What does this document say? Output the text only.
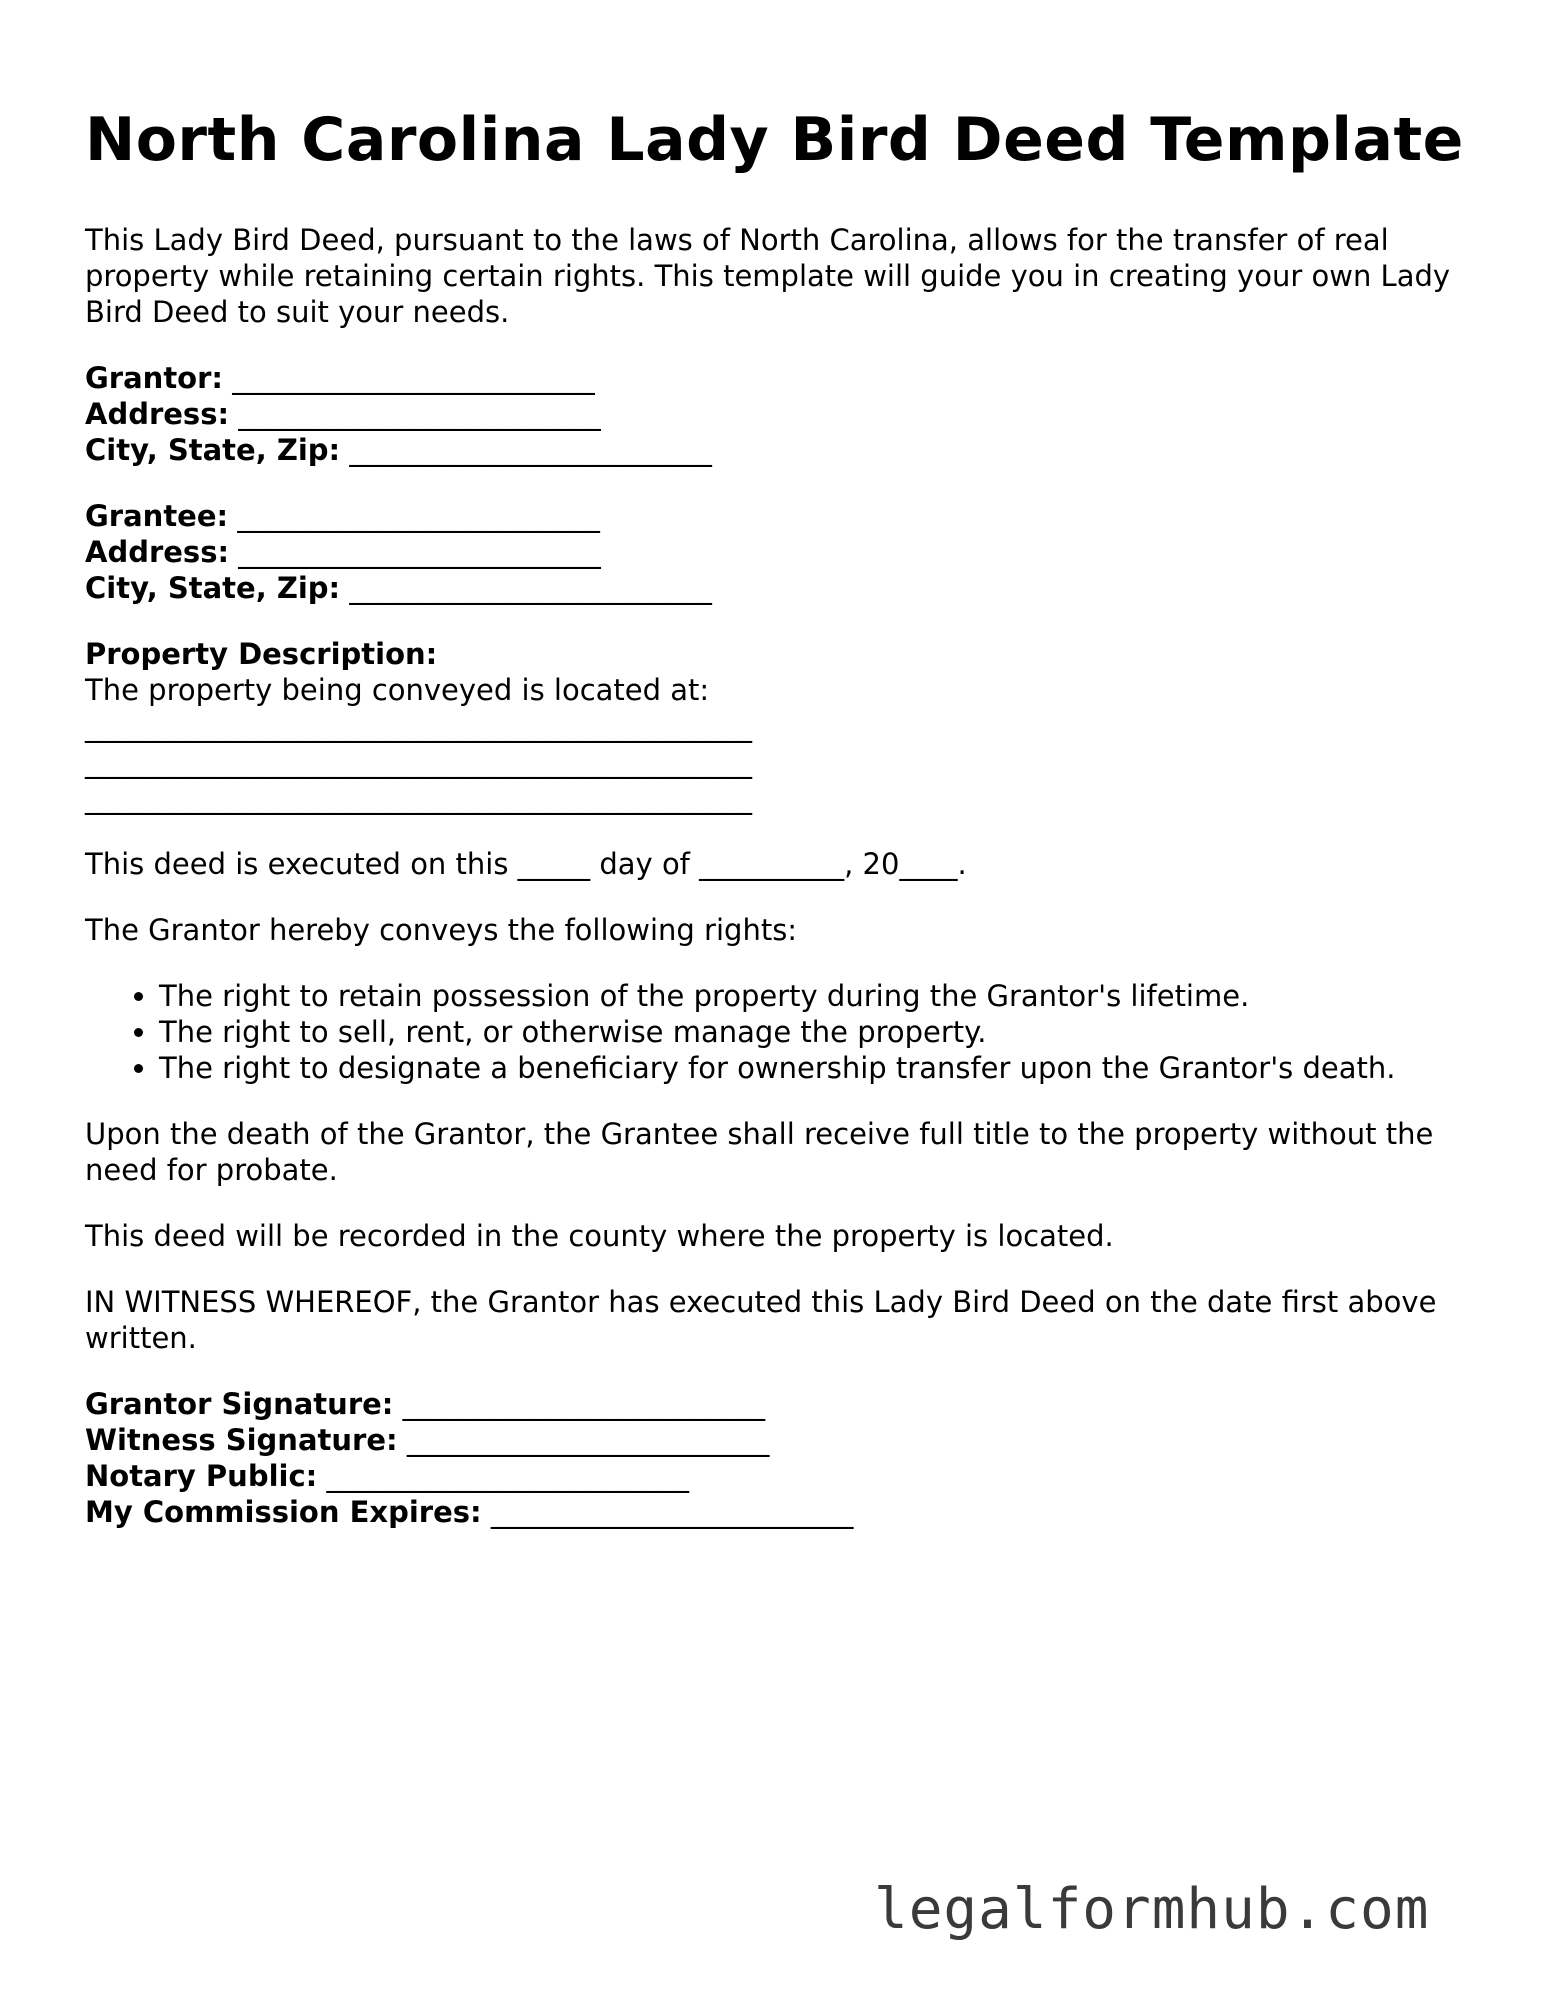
North Carolina Lady Bird Deed Template

This Lady Bird Deed, pursuant to the laws of North Carolina, allows for the transfer of real property while retaining certain rights. This template will guide you in creating your own Lady Bird Deed to suit your needs.

Grantor: _________________________
Address: _________________________
City, State, Zip: _________________________
Grantee: _________________________
Address: _________________________
City, State, Zip: _________________________
Property Description:
The property being conveyed is located at:
______________________________________________
______________________________________________
______________________________________________

This deed is executed on this _____ day of __________, 20____.

The Grantor hereby conveys the following rights:

• The right to retain possession of the property during the Grantor's lifetime.
• The right to sell, rent, or otherwise manage the property.
• The right to designate a beneficiary for ownership transfer upon the Grantor's death.

Upon the death of the Grantor, the Grantee shall receive full title to the property without the need for probate.

This deed will be recorded in the county where the property is located.

IN WITNESS WHEREOF, the Grantor has executed this Lady Bird Deed on the date first above written.

Grantor Signature: _________________________
Witness Signature: _________________________
Notary Public: _________________________
My Commission Expires: _________________________
legalformhub.com
